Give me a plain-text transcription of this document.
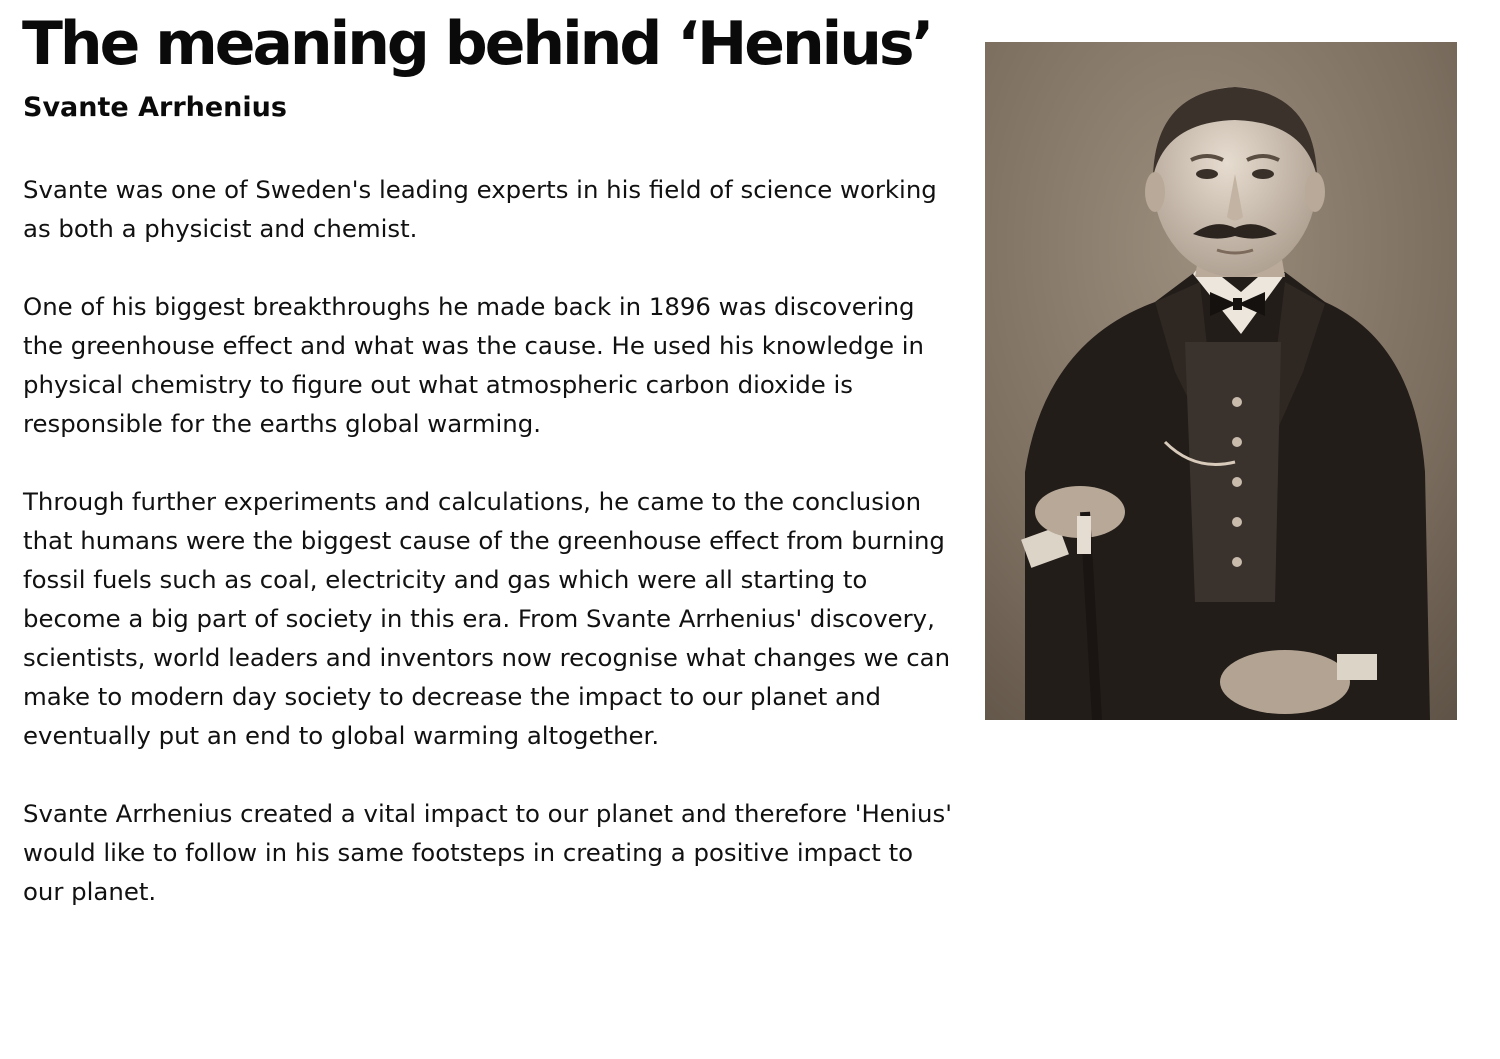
The meaning behind ‘Henius’
Svante Arrhenius

Svante was one of Sweden's leading experts in his field of science working as both a physicist and chemist.

One of his biggest breakthroughs he made back in 1896 was discovering the greenhouse effect and what was the cause. He used his knowledge in physical chemistry to figure out what atmospheric carbon dioxide is responsible for the earths global warming.

Through further experiments and calculations, he came to the conclusion that humans were the biggest cause of the greenhouse effect from burning fossil fuels such as coal, electricity and gas which were all starting to become a big part of society in this era. From Svante Arrhenius' discovery, scientists, world leaders and inventors now recognise what changes we can make to modern day society to decrease the impact to our planet and eventually put an end to global warming altogether.

Svante Arrhenius created a vital impact to our planet and therefore 'Henius' would like to follow in his same footsteps in creating a positive impact to our planet.
